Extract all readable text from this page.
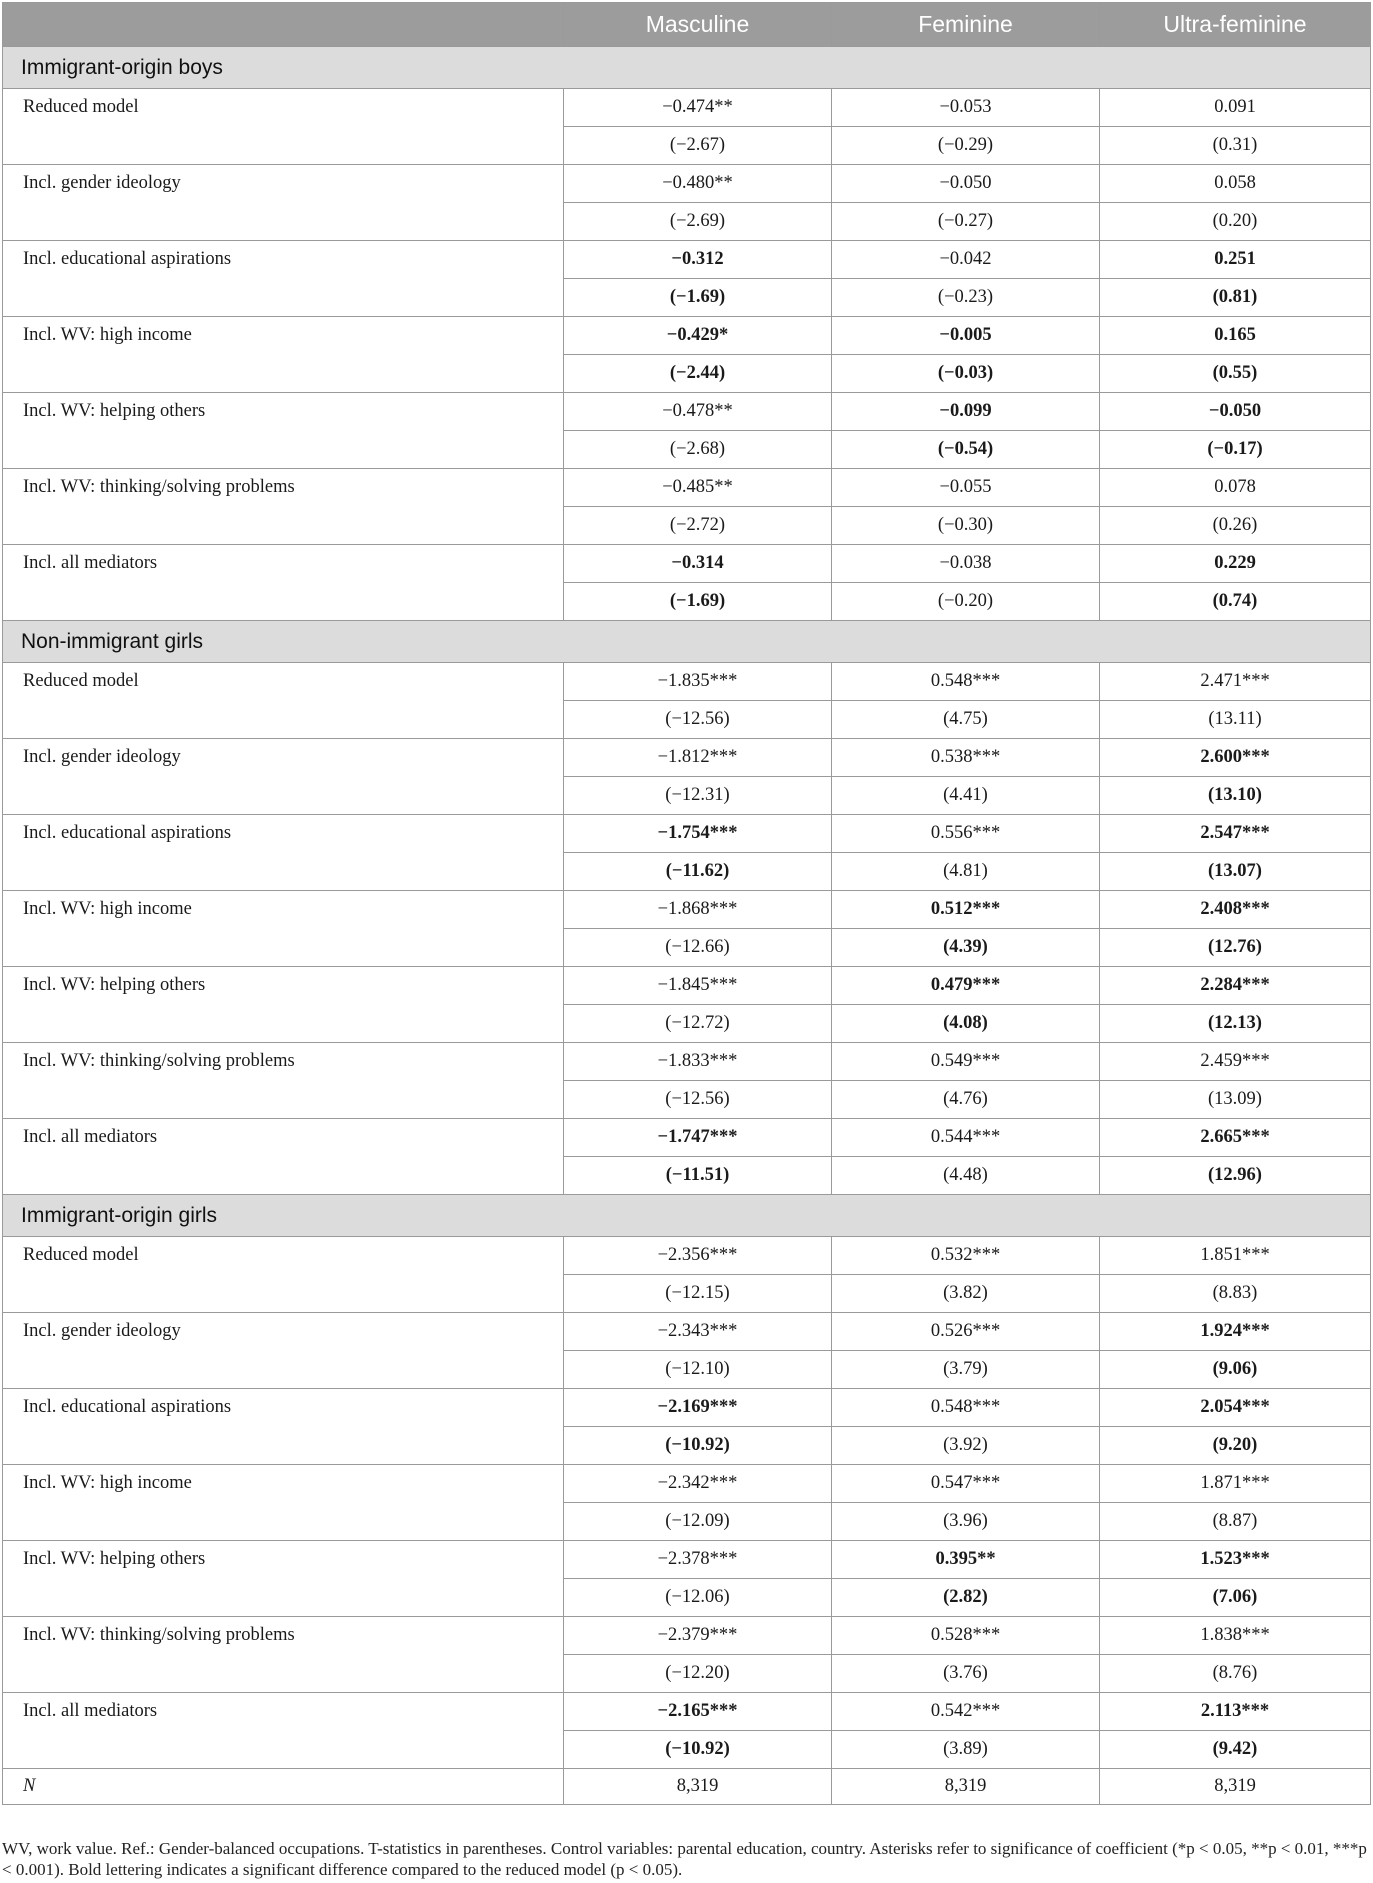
	Masculine	Feminine	Ultra-feminine
Immigrant-origin boys			
Reduced model	−0.474**	−0.053	0.091
	(−2.67)	(−0.29)	(0.31)
Incl. gender ideology	−0.480**	−0.050	0.058
	(−2.69)	(−0.27)	(0.20)
Incl. educational aspirations	−0.312	−0.042	0.251
	(−1.69)	(−0.23)	(0.81)
Incl. WV: high income	−0.429*	−0.005	0.165
	(−2.44)	(−0.03)	(0.55)
Incl. WV: helping others	−0.478**	−0.099	−0.050
	(−2.68)	(−0.54)	(−0.17)
Incl. WV: thinking/solving problems	−0.485**	−0.055	0.078
	(−2.72)	(−0.30)	(0.26)
Incl. all mediators	−0.314	−0.038	0.229
	(−1.69)	(−0.20)	(0.74)
Non-immigrant girls			
Reduced model	−1.835***	0.548***	2.471***
	(−12.56)	(4.75)	(13.11)
Incl. gender ideology	−1.812***	0.538***	2.600***
	(−12.31)	(4.41)	(13.10)
Incl. educational aspirations	−1.754***	0.556***	2.547***
	(−11.62)	(4.81)	(13.07)
Incl. WV: high income	−1.868***	0.512***	2.408***
	(−12.66)	(4.39)	(12.76)
Incl. WV: helping others	−1.845***	0.479***	2.284***
	(−12.72)	(4.08)	(12.13)
Incl. WV: thinking/solving problems	−1.833***	0.549***	2.459***
	(−12.56)	(4.76)	(13.09)
Incl. all mediators	−1.747***	0.544***	2.665***
	(−11.51)	(4.48)	(12.96)
Immigrant-origin girls			
Reduced model	−2.356***	0.532***	1.851***
	(−12.15)	(3.82)	(8.83)
Incl. gender ideology	−2.343***	0.526***	1.924***
	(−12.10)	(3.79)	(9.06)
Incl. educational aspirations	−2.169***	0.548***	2.054***
	(−10.92)	(3.92)	(9.20)
Incl. WV: high income	−2.342***	0.547***	1.871***
	(−12.09)	(3.96)	(8.87)
Incl. WV: helping others	−2.378***	0.395**	1.523***
	(−12.06)	(2.82)	(7.06)
Incl. WV: thinking/solving problems	−2.379***	0.528***	1.838***
	(−12.20)	(3.76)	(8.76)
Incl. all mediators	−2.165***	0.542***	2.113***
	(−10.92)	(3.89)	(9.42)
N	8,319	8,319	8,319
WV, work value. Ref.: Gender-balanced occupations. T-statistics in parentheses. Control variables: parental education, country. Asterisks refer to significance of coefficient (*p < 0.05, **p < 0.01, ***p < 0.001). Bold lettering indicates a significant difference compared to the reduced model (p < 0.05).
